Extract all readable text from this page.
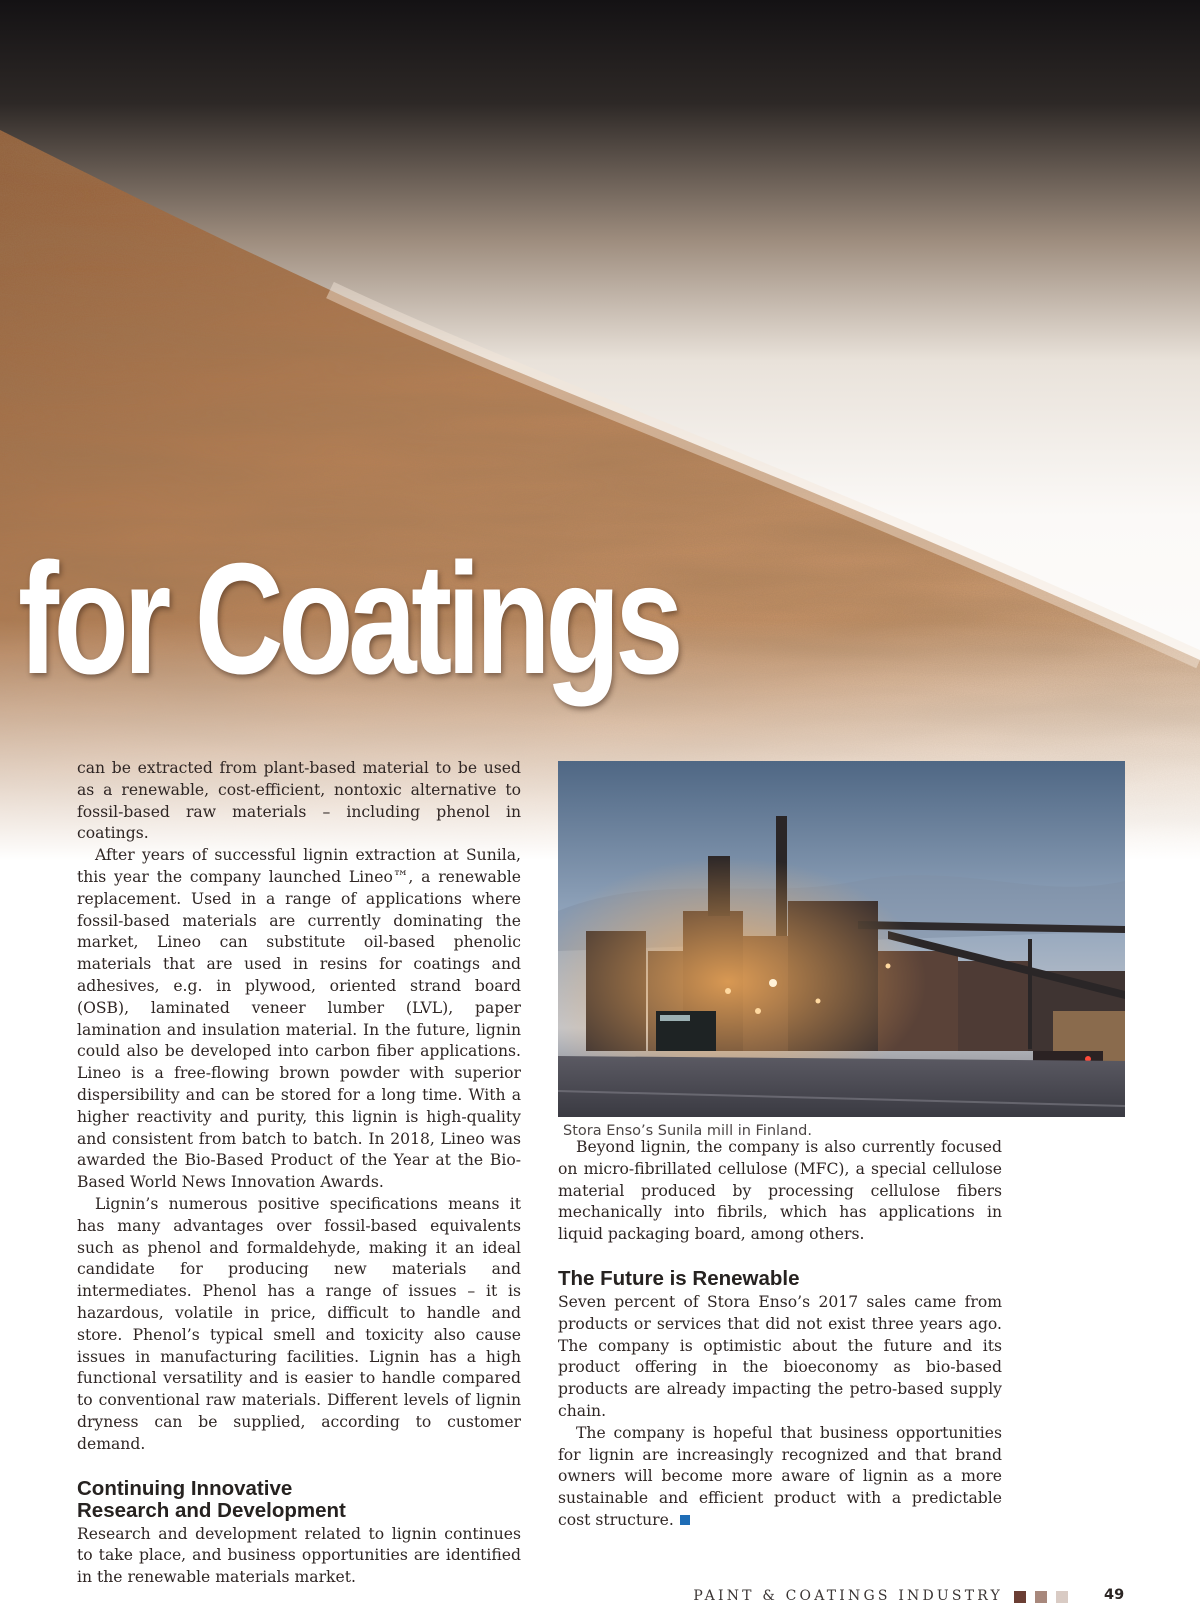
for Coatings

can be extracted from plant-based material to be used as a renewable, cost-efficient, nontoxic alternative to fossil-based raw materials – including phenol in coatings.

After years of successful lignin extraction at Sunila, this year the company launched Lineo™, a renewable replacement. Used in a range of applications where fossil-based materials are currently dominating the market, Lineo can substitute oil-based phenolic materials that are used in resins for coatings and adhesives, e.g. in plywood, oriented strand board (OSB), laminated veneer lumber (LVL), paper lamination and insulation material. In the future, lignin could also be developed into carbon fiber applications. Lineo is a free-flowing brown powder with superior dispersibility and can be stored for a long time. With a higher reactivity and purity, this lignin is high-quality and consistent from batch to batch. In 2018, Lineo was awarded the Bio-Based Product of the Year at the Bio-Based World News Innovation Awards.

Lignin’s numerous positive specifications means it has many advantages over fossil-based equivalents such as phenol and formaldehyde, making it an ideal candidate for producing new materials and intermediates. Phenol has a range of issues – it is hazardous, volatile in price, difficult to handle and store. Phenol’s typical smell and toxicity also cause issues in manufacturing facilities. Lignin has a high functional versatility and is easier to handle compared to conventional raw materials. Different levels of lignin dryness can be supplied, according to customer demand.

Continuing Innovative
Research and Development

Research and development related to lignin continues to take place, and business opportunities are identified in the renewable materials market.

Stora Enso’s Sunila mill in Finland.

Beyond lignin, the company is also currently focused on micro-fibrillated cellulose (MFC), a special cellulose material produced by processing cellulose fibers mechanically into fibrils, which has applications in liquid packaging board, among others.

The Future is Renewable

Seven percent of Stora Enso’s 2017 sales came from products or services that did not exist three years ago. The company is optimistic about the future and its product offering in the bioeconomy as bio-based products are already impacting the petro-based supply chain.

The company is hopeful that business opportunities for lignin are increasingly recognized and that brand owners will become more aware of lignin as a more sustainable and efficient product with a predictable cost structure.

PAINT & COATINGS INDUSTRY	49
